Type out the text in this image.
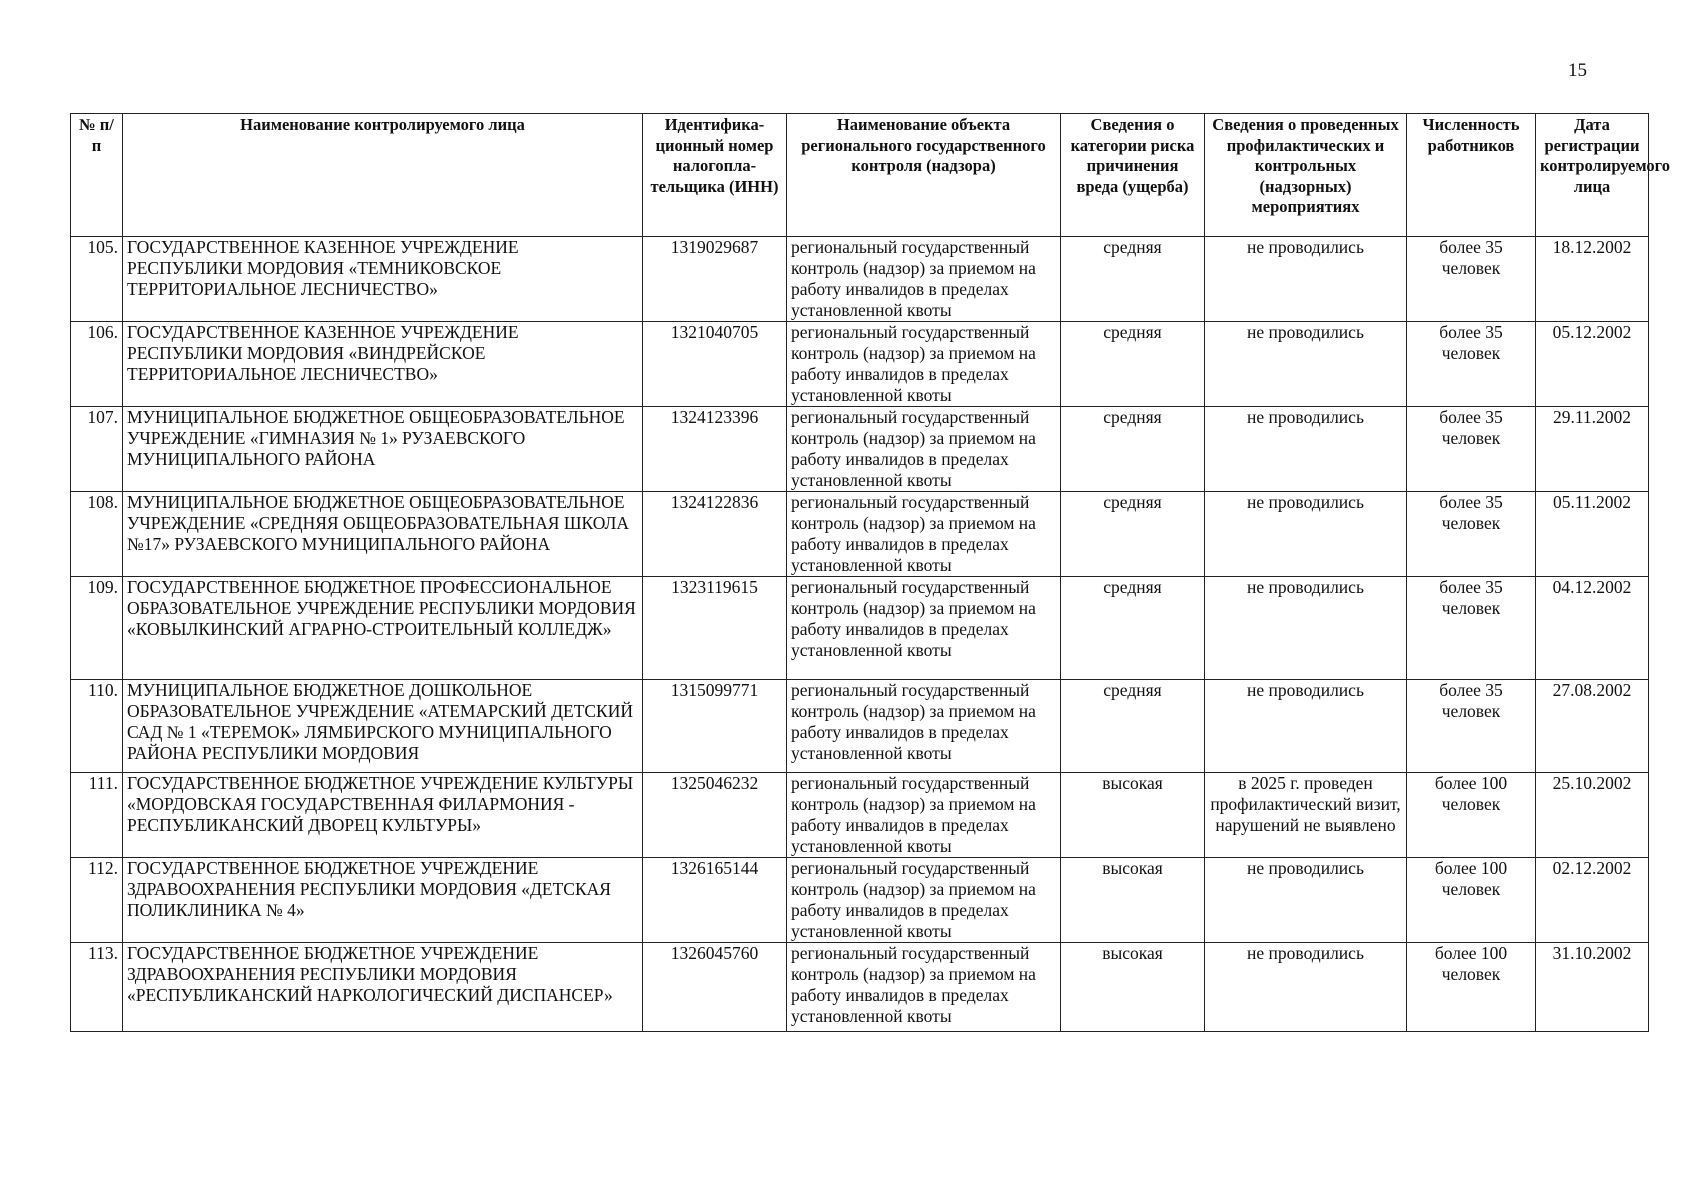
15
№ п/п	Наименование контролируемого лица	Идентифика-ционный номер налогопла-тельщика (ИНН)	Наименование объекта регионального государственного контроля (надзора)	Сведения о категории риска причинения вреда (ущерба)	Сведения о проведенных профилактических и контрольных (надзорных) мероприятиях	Численность работников	Дата регистрации контролируемого лица
105.	ГОСУДАРСТВЕННОЕ КАЗЕННОЕ УЧРЕЖДЕНИЕ РЕСПУБЛИКИ МОРДОВИЯ «ТЕМНИКОВСКОЕ ТЕРРИТОРИАЛЬНОЕ ЛЕСНИЧЕСТВО»	1319029687	региональный государственный контроль (надзор) за приемом на работу инвалидов в пределах установленной квоты	средняя	не проводились	более 35 человек	18.12.2002
106.	ГОСУДАРСТВЕННОЕ КАЗЕННОЕ УЧРЕЖДЕНИЕ РЕСПУБЛИКИ МОРДОВИЯ «ВИНДРЕЙСКОЕ ТЕРРИТОРИАЛЬНОЕ ЛЕСНИЧЕСТВО»	1321040705	региональный государственный контроль (надзор) за приемом на работу инвалидов в пределах установленной квоты	средняя	не проводились	более 35 человек	05.12.2002
107.	МУНИЦИПАЛЬНОЕ БЮДЖЕТНОЕ ОБЩЕОБРАЗОВАТЕЛЬНОЕ УЧРЕЖДЕНИЕ «ГИМНАЗИЯ № 1» РУЗАЕВСКОГО МУНИЦИПАЛЬНОГО РАЙОНА	1324123396	региональный государственный контроль (надзор) за приемом на работу инвалидов в пределах установленной квоты	средняя	не проводились	более 35 человек	29.11.2002
108.	МУНИЦИПАЛЬНОЕ БЮДЖЕТНОЕ ОБЩЕОБРАЗОВАТЕЛЬНОЕ УЧРЕЖДЕНИЕ «СРЕДНЯЯ ОБЩЕОБРАЗОВАТЕЛЬНАЯ ШКОЛА №17» РУЗАЕВСКОГО МУНИЦИПАЛЬНОГО РАЙОНА	1324122836	региональный государственный контроль (надзор) за приемом на работу инвалидов в пределах установленной квоты	средняя	не проводились	более 35 человек	05.11.2002
109.	ГОСУДАРСТВЕННОЕ БЮДЖЕТНОЕ ПРОФЕССИОНАЛЬНОЕ ОБРАЗОВАТЕЛЬНОЕ УЧРЕЖДЕНИЕ РЕСПУБЛИКИ МОРДОВИЯ «КОВЫЛКИНСКИЙ АГРАРНО-СТРОИТЕЛЬНЫЙ КОЛЛЕДЖ»	1323119615	региональный государственный контроль (надзор) за приемом на работу инвалидов в пределах установленной квоты	средняя	не проводились	более 35 человек	04.12.2002
110.	МУНИЦИПАЛЬНОЕ БЮДЖЕТНОЕ ДОШКОЛЬНОЕ ОБРАЗОВАТЕЛЬНОЕ УЧРЕЖДЕНИЕ «АТЕМАРСКИЙ ДЕТСКИЙ САД № 1 «ТЕРЕМОК» ЛЯМБИРСКОГО МУНИЦИПАЛЬНОГО РАЙОНА РЕСПУБЛИКИ МОРДОВИЯ	1315099771	региональный государственный контроль (надзор) за приемом на работу инвалидов в пределах установленной квоты	средняя	не проводились	более 35 человек	27.08.2002
111.	ГОСУДАРСТВЕННОЕ БЮДЖЕТНОЕ УЧРЕЖДЕНИЕ КУЛЬТУРЫ «МОРДОВСКАЯ ГОСУДАРСТВЕННАЯ ФИЛАРМОНИЯ - РЕСПУБЛИКАНСКИЙ ДВОРЕЦ КУЛЬТУРЫ»	1325046232	региональный государственный контроль (надзор) за приемом на работу инвалидов в пределах установленной квоты	высокая	в 2025 г. проведен профилактический визит, нарушений не выявлено	более 100 человек	25.10.2002
112.	ГОСУДАРСТВЕННОЕ БЮДЖЕТНОЕ УЧРЕЖДЕНИЕ ЗДРАВООХРАНЕНИЯ РЕСПУБЛИКИ МОРДОВИЯ «ДЕТСКАЯ ПОЛИКЛИНИКА № 4»	1326165144	региональный государственный контроль (надзор) за приемом на работу инвалидов в пределах установленной квоты	высокая	не проводились	более 100 человек	02.12.2002
113.	ГОСУДАРСТВЕННОЕ БЮДЖЕТНОЕ УЧРЕЖДЕНИЕ ЗДРАВООХРАНЕНИЯ РЕСПУБЛИКИ МОРДОВИЯ «РЕСПУБЛИКАНСКИЙ НАРКОЛОГИЧЕСКИЙ ДИСПАНСЕР»	1326045760	региональный государственный контроль (надзор) за приемом на работу инвалидов в пределах установленной квоты	высокая	не проводились	более 100 человек	31.10.2002
